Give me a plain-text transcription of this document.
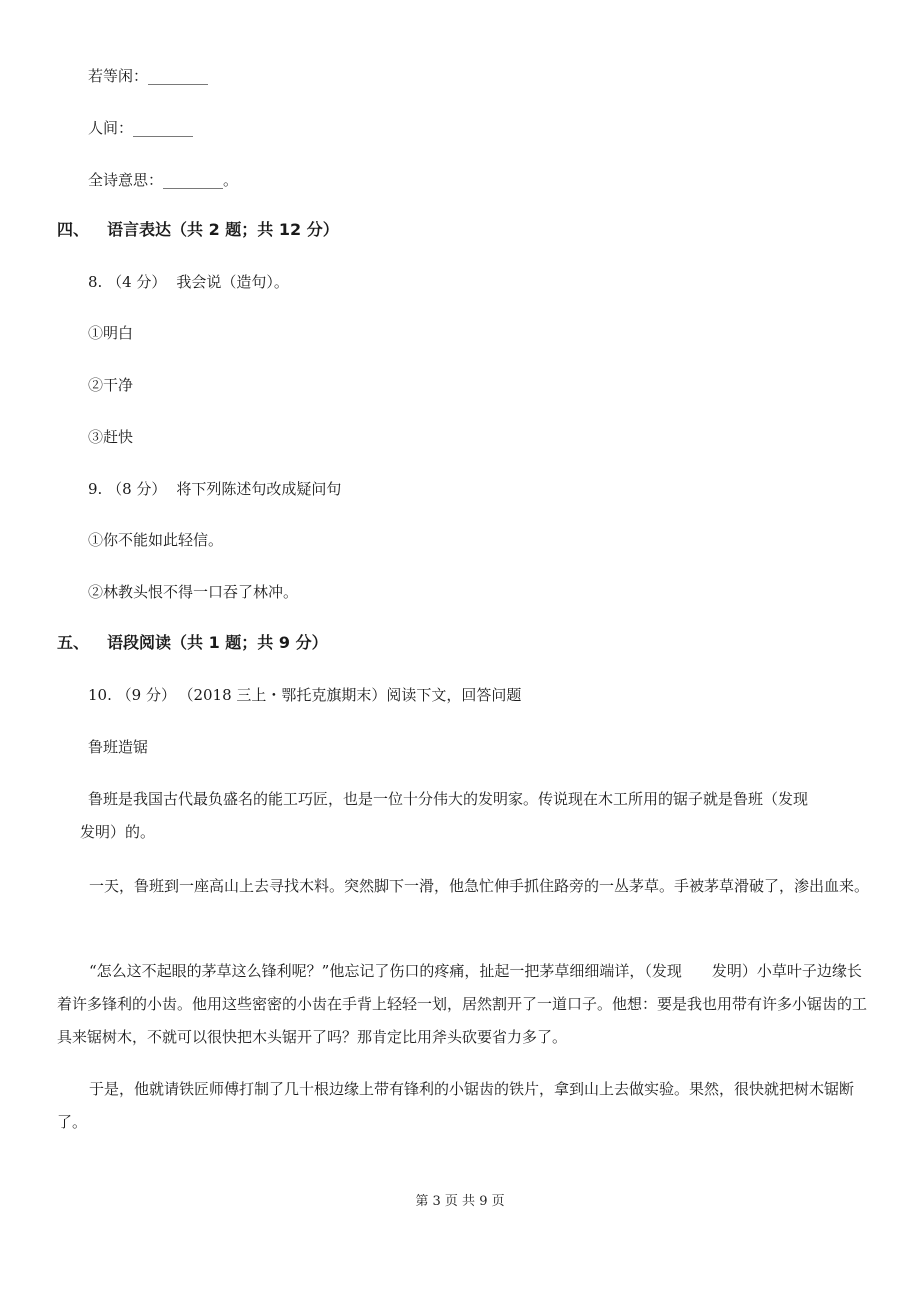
若等闲：________
人间：________
全诗意思：________。
四、 语言表达（共 2 题；共 12 分）
8. （4 分） 我会说（造句）。
①明白
②干净
③赶快
9. （8 分） 将下列陈述句改成疑问句
①你不能如此轻信。
②林教头恨不得一口吞了林冲。
五、 语段阅读（共 1 题；共 9 分）
10. （9 分） （2018 三上・鄂托克旗期末）阅读下文，回答问题
鲁班造锯
鲁班是我国古代最负盛名的能工巧匠，也是一位十分伟大的发明家。传说现在木工所用的锯子就是鲁班（发现
发明）的。
一天，鲁班到一座高山上去寻找木料。突然脚下一滑，他急忙伸手抓住路旁的一丛茅草。手被茅草滑破了，渗出血来。
“怎么这不起眼的茅草这么锋利呢？”他忘记了伤口的疼痛，扯起一把茅草细细端详，（发现　　发明）小草叶子边缘长着许多锋利的小齿。他用这些密密的小齿在手背上轻轻一划，居然割开了一道口子。他想：要是我也用带有许多小锯齿的工具来锯树木，不就可以很快把木头锯开了吗？那肯定比用斧头砍要省力多了。
于是，他就请铁匠师傅打制了几十根边缘上带有锋利的小锯齿的铁片，拿到山上去做实验。果然，很快就把树木锯断了。
第 3 页 共 9 页
